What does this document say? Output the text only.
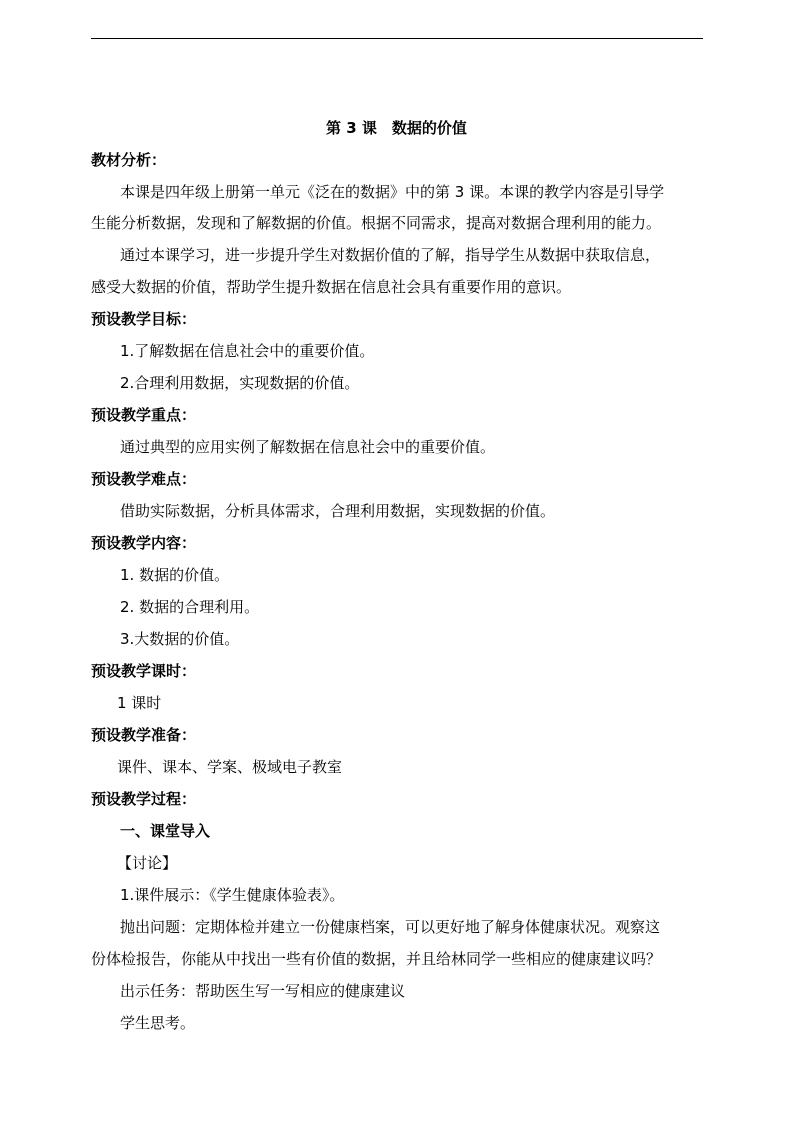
第 3 课　数据的价值
教材分析：
本课是四年级上册第一单元《泛在的数据》中的第 3 课。本课的教学内容是引导学
生能分析数据，发现和了解数据的价值。根据不同需求，提高对数据合理利用的能力。
通过本课学习，进一步提升学生对数据价值的了解，指导学生从数据中获取信息，
感受大数据的价值，帮助学生提升数据在信息社会具有重要作用的意识。
预设教学目标：
1.了解数据在信息社会中的重要价值。
2.合理利用数据，实现数据的价值。
预设教学重点：
通过典型的应用实例了解数据在信息社会中的重要价值。
预设教学难点：
借助实际数据，分析具体需求，合理利用数据，实现数据的价值。
预设教学内容：
1. 数据的价值。
2. 数据的合理利用。
3.大数据的价值。
预设教学课时：
1 课时
预设教学准备：
课件、课本、学案、极域电子教室
预设教学过程：
一、课堂导入
【讨论】
1.课件展示：《学生健康体验表》。
抛出问题：定期体检并建立一份健康档案，可以更好地了解身体健康状况。观察这
份体检报告，你能从中找出一些有价值的数据，并且给林同学一些相应的健康建议吗？
出示任务：帮助医生写一写相应的健康建议
学生思考。
